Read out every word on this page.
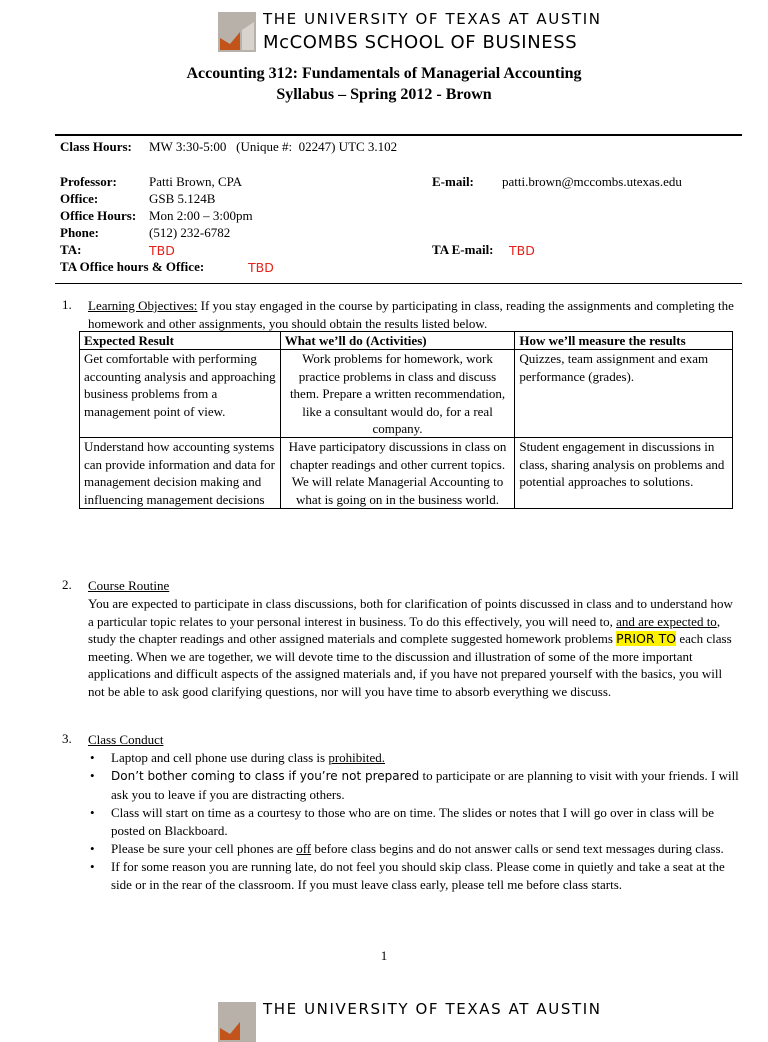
THE UNIVERSITY OF TEXAS AT AUSTIN
McCOMBS SCHOOL OF BUSINESS
Accounting 312: Fundamentals of Managerial Accounting
Syllabus – Spring 2012 - Brown
Class Hours: MW 3:30-5:00   (Unique #:  02247) UTC 3.102
Professor: Patti Brown, CPA	E-mail: patti.brown@mccombs.utexas.edu
Office:	GSB 5.124B
Office Hours: Mon 2:00 – 3:00pm
Phone:	(512) 232-6782
TA:	TBD	TA E-mail: TBD
TA Office hours & Office:	TBD
1. Learning Objectives: If you stay engaged in the course by participating in class, reading the assignments and completing the homework and other assignments, you should obtain the results listed below.
Expected Result	What we’ll do (Activities)	How we’ll measure the results
Get comfortable with performing accounting analysis and approaching business problems from a management point of view.	Work problems for homework, work practice problems in class and discuss them. Prepare a written recommendation, like a consultant would do, for a real company.	Quizzes, team assignment and exam performance (grades).
Understand how accounting systems can provide information and data for management decision making and influencing management decisions	Have participatory discussions in class on chapter readings and other current topics. We will relate Managerial Accounting to what is going on in the business world.	Student engagement in discussions in class, sharing analysis on problems and potential approaches to solutions.
2. Course Routine
You are expected to participate in class discussions, both for clarification of points discussed in class and to understand how a particular topic relates to your personal interest in business. To do this effectively, you will need to, and are expected to, study the chapter readings and other assigned materials and complete suggested homework problems PRIOR TO each class meeting. When we are together, we will devote time to the discussion and illustration of some of the more important applications and difficult aspects of the assigned materials and, if you have not prepared yourself with the basics, you will not be able to ask good clarifying questions, nor will you have time to absorb everything we discuss.
3. Class Conduct
• Laptop and cell phone use during class is prohibited.
• Don’t bother coming to class if you’re not prepared to participate or are planning to visit with your friends. I will ask you to leave if you are distracting others.
• Class will start on time as a courtesy to those who are on time. The slides or notes that I will go over in class will be posted on Blackboard.
• Please be sure your cell phones are off before class begins and do not answer calls or send text messages during class.
• If for some reason you are running late, do not feel you should skip class. Please come in quietly and take a seat at the side or in the rear of the classroom. If you must leave class early, please tell me before class starts.
1
THE UNIVERSITY OF TEXAS AT AUSTIN
